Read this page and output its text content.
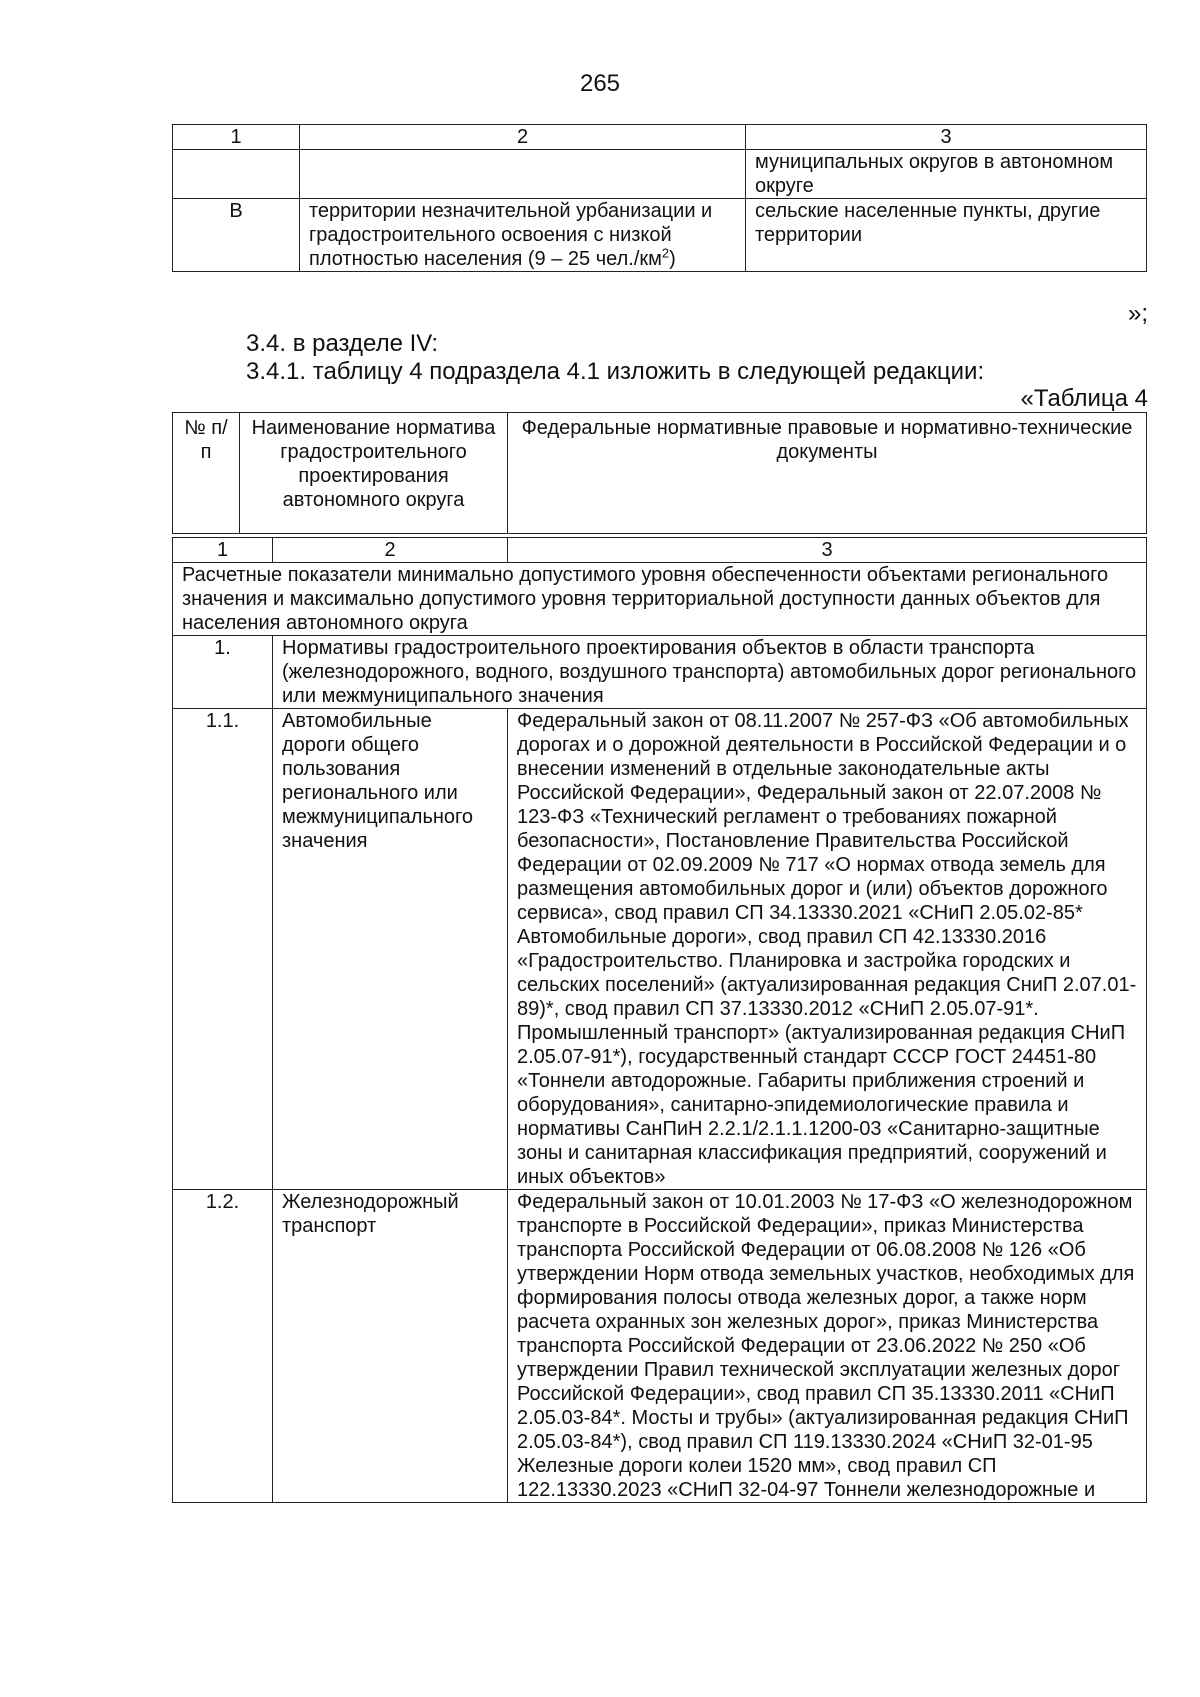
265
1	2	3
		муниципальных округов в автономном округе
В	территории незначительной урбанизации и градостроительного освоения с низкой плотностью населения (9 – 25 $чел./км^2$)	сельские населенные пункты, другие территории
»;
3.4. в разделе IV:
3.4.1. таблицу 4 подраздела 4.1 изложить в следующей редакции:
«Таблица 4
№ п/п	Наименование норматива градостроительного проектирования автономного округа	Федеральные нормативные правовые и нормативно-технические документы
1	2	3
Расчетные показатели минимально допустимого уровня обеспеченности объектами регионального значения и максимально допустимого уровня территориальной доступности данных объектов для населения автономного округа		
1.	Нормативы градостроительного проектирования объектов в области транспорта (железнодорожного, водного, воздушного транспорта) автомобильных дорог регионального или межмуниципального значения	
1.1.	Автомобильные дороги общего пользования регионального или межмуниципального значения	Федеральный закон от 08.11.2007 № 257-ФЗ «Об автомобильных дорогах и о дорожной деятельности в Российской Федерации и о внесении изменений в отдельные законодательные акты Российской Федерации», Федеральный закон от 22.07.2008 № 123-ФЗ «Технический регламент о требованиях пожарной безопасности», Постановление Правительства Российской Федерации от 02.09.2009 № 717 «О нормах отвода земель для размещения автомобильных дорог и (или) объектов дорожного сервиса», свод правил СП 34.13330.2021 «СНиП 2.05.02-85* Автомобильные дороги», свод правил СП 42.13330.2016 «Градостроительство. Планировка и застройка городских и сельских поселений» (актуализированная редакция СниП 2.07.01-89)*, свод правил СП 37.13330.2012 «СНиП 2.05.07-91*. Промышленный транспорт» (актуализированная редакция СНиП 2.05.07-91*), государственный стандарт СССР ГОСТ 24451-80 «Тоннели автодорожные. Габариты приближения строений и оборудования», санитарно-эпидемиологические правила и нормативы СанПиН 2.2.1/2.1.1.1200-03 «Санитарно-защитные зоны и санитарная классификация предприятий, сооружений и иных объектов»
1.2.	Железнодорожный транспорт	Федеральный закон от 10.01.2003 № 17-ФЗ «О железнодорожном транспорте в Российской Федерации», приказ Министерства транспорта Российской Федерации от 06.08.2008 № 126 «Об утверждении Норм отвода земельных участков, необходимых для формирования полосы отвода железных дорог, а также норм расчета охранных зон железных дорог», приказ Министерства транспорта Российской Федерации от 23.06.2022 № 250 «Об утверждении Правил технической эксплуатации железных дорог Российской Федерации», свод правил СП 35.13330.2011 «СНиП 2.05.03-84*. Мосты и трубы» (актуализированная редакция СНиП 2.05.03-84*), свод правил СП 119.13330.2024 «СНиП 32-01-95 Железные дороги колеи 1520 мм», свод правил СП 122.13330.2023 «СНиП 32-04-97 Тоннели железнодорожные и
